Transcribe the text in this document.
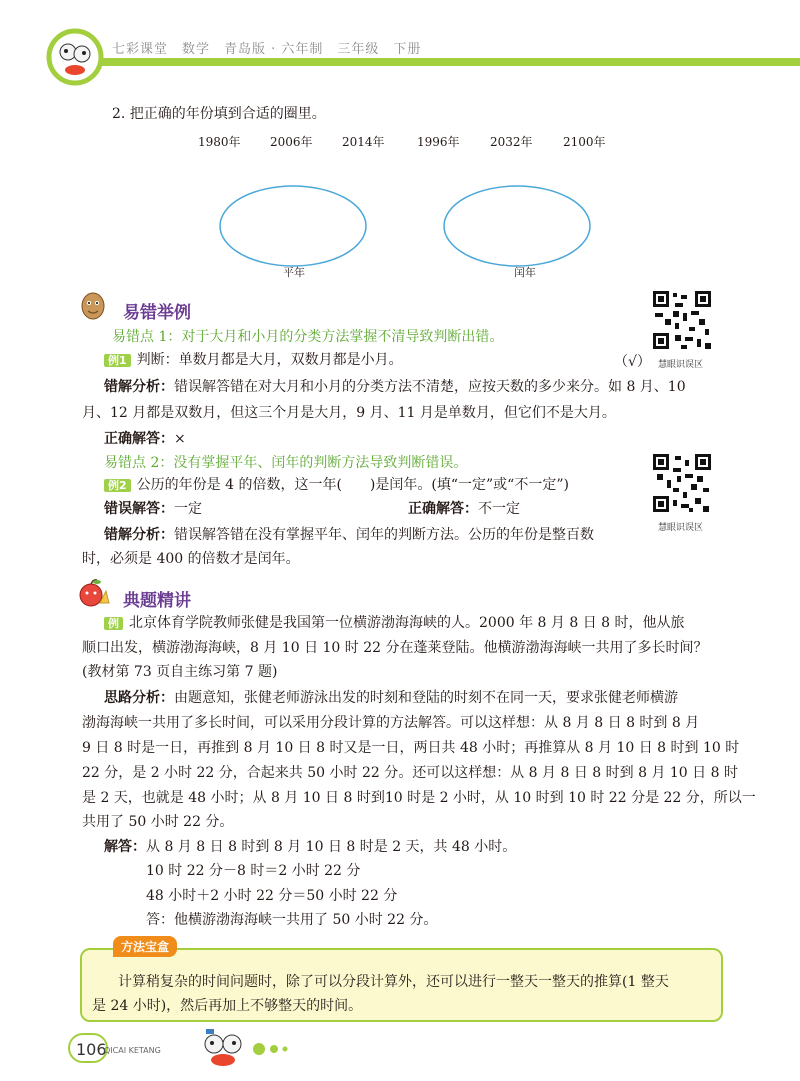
七彩课堂　数学　青岛版 · 六年制　三年级　下册
2. 把正确的年份填到合适的圈里。
1980年 2006年 2014年	1996年	2032年	2100年
平年	闰年
易错举例
慧眼识误区
易错点 1：对于大月和小月的分类方法掌握不清导致判断出错。
例1 判断：单数月都是大月，双数月都是小月。	（√）
错解分析：错误解答错在对大月和小月的分类方法不清楚，应按天数的多少来分。如 8 月、10
月、12 月都是双数月，但这三个月是大月，9 月、11 月是单数月，但它们不是大月。
正确解答：×
易错点 2：没有掌握平年、闰年的判断方法导致判断错误。
慧眼识误区
例2 公历的年份是 4 的倍数，这一年(　　)是闰年。(填“一定”或“不一定”)
错误解答：一定	正确解答：不一定
错解分析：错误解答错在没有掌握平年、闰年的判断方法。公历的年份是整百数
时，必须是 400 的倍数才是闰年。
典题精讲
例 北京体育学院教师张健是我国第一位横游渤海海峡的人。2000 年 8 月 8 日 8 时，他从旅
顺口出发，横游渤海海峡，8 月 10 日 10 时 22 分在蓬莱登陆。他横游渤海海峡一共用了多长时间？
(教材第 73 页自主练习第 7 题)
思路分析：由题意知，张健老师游泳出发的时刻和登陆的时刻不在同一天，要求张健老师横游
渤海海峡一共用了多长时间，可以采用分段计算的方法解答。可以这样想：从 8 月 8 日 8 时到 8 月
9 日 8 时是一日，再推到 8 月 10 日 8 时又是一日，两日共 48 小时；再推算从 8 月 10 日 8 时到 10 时
22 分，是 2 小时 22 分，合起来共 50 小时 22 分。还可以这样想：从 8 月 8 日 8 时到 8 月 10 日 8 时
是 2 天，也就是 48 小时；从 8 月 10 日 8 时到10 时是 2 小时，从 10 时到 10 时 22 分是 22 分，所以一
共用了 50 小时 22 分。
解答：从 8 月 8 日 8 时到 8 月 10 日 8 时是 2 天，共 48 小时。
10 时 22 分－8 时＝2 小时 22 分
48 小时＋2 小时 22 分＝50 小时 22 分
答：他横游渤海海峡一共用了 50 小时 22 分。
方法宝盒
计算稍复杂的时间问题时，除了可以分段计算外，还可以进行一整天一整天的推算(1 整天
是 24 小时)，然后再加上不够整天的时间。
106
QICAI KETANG
